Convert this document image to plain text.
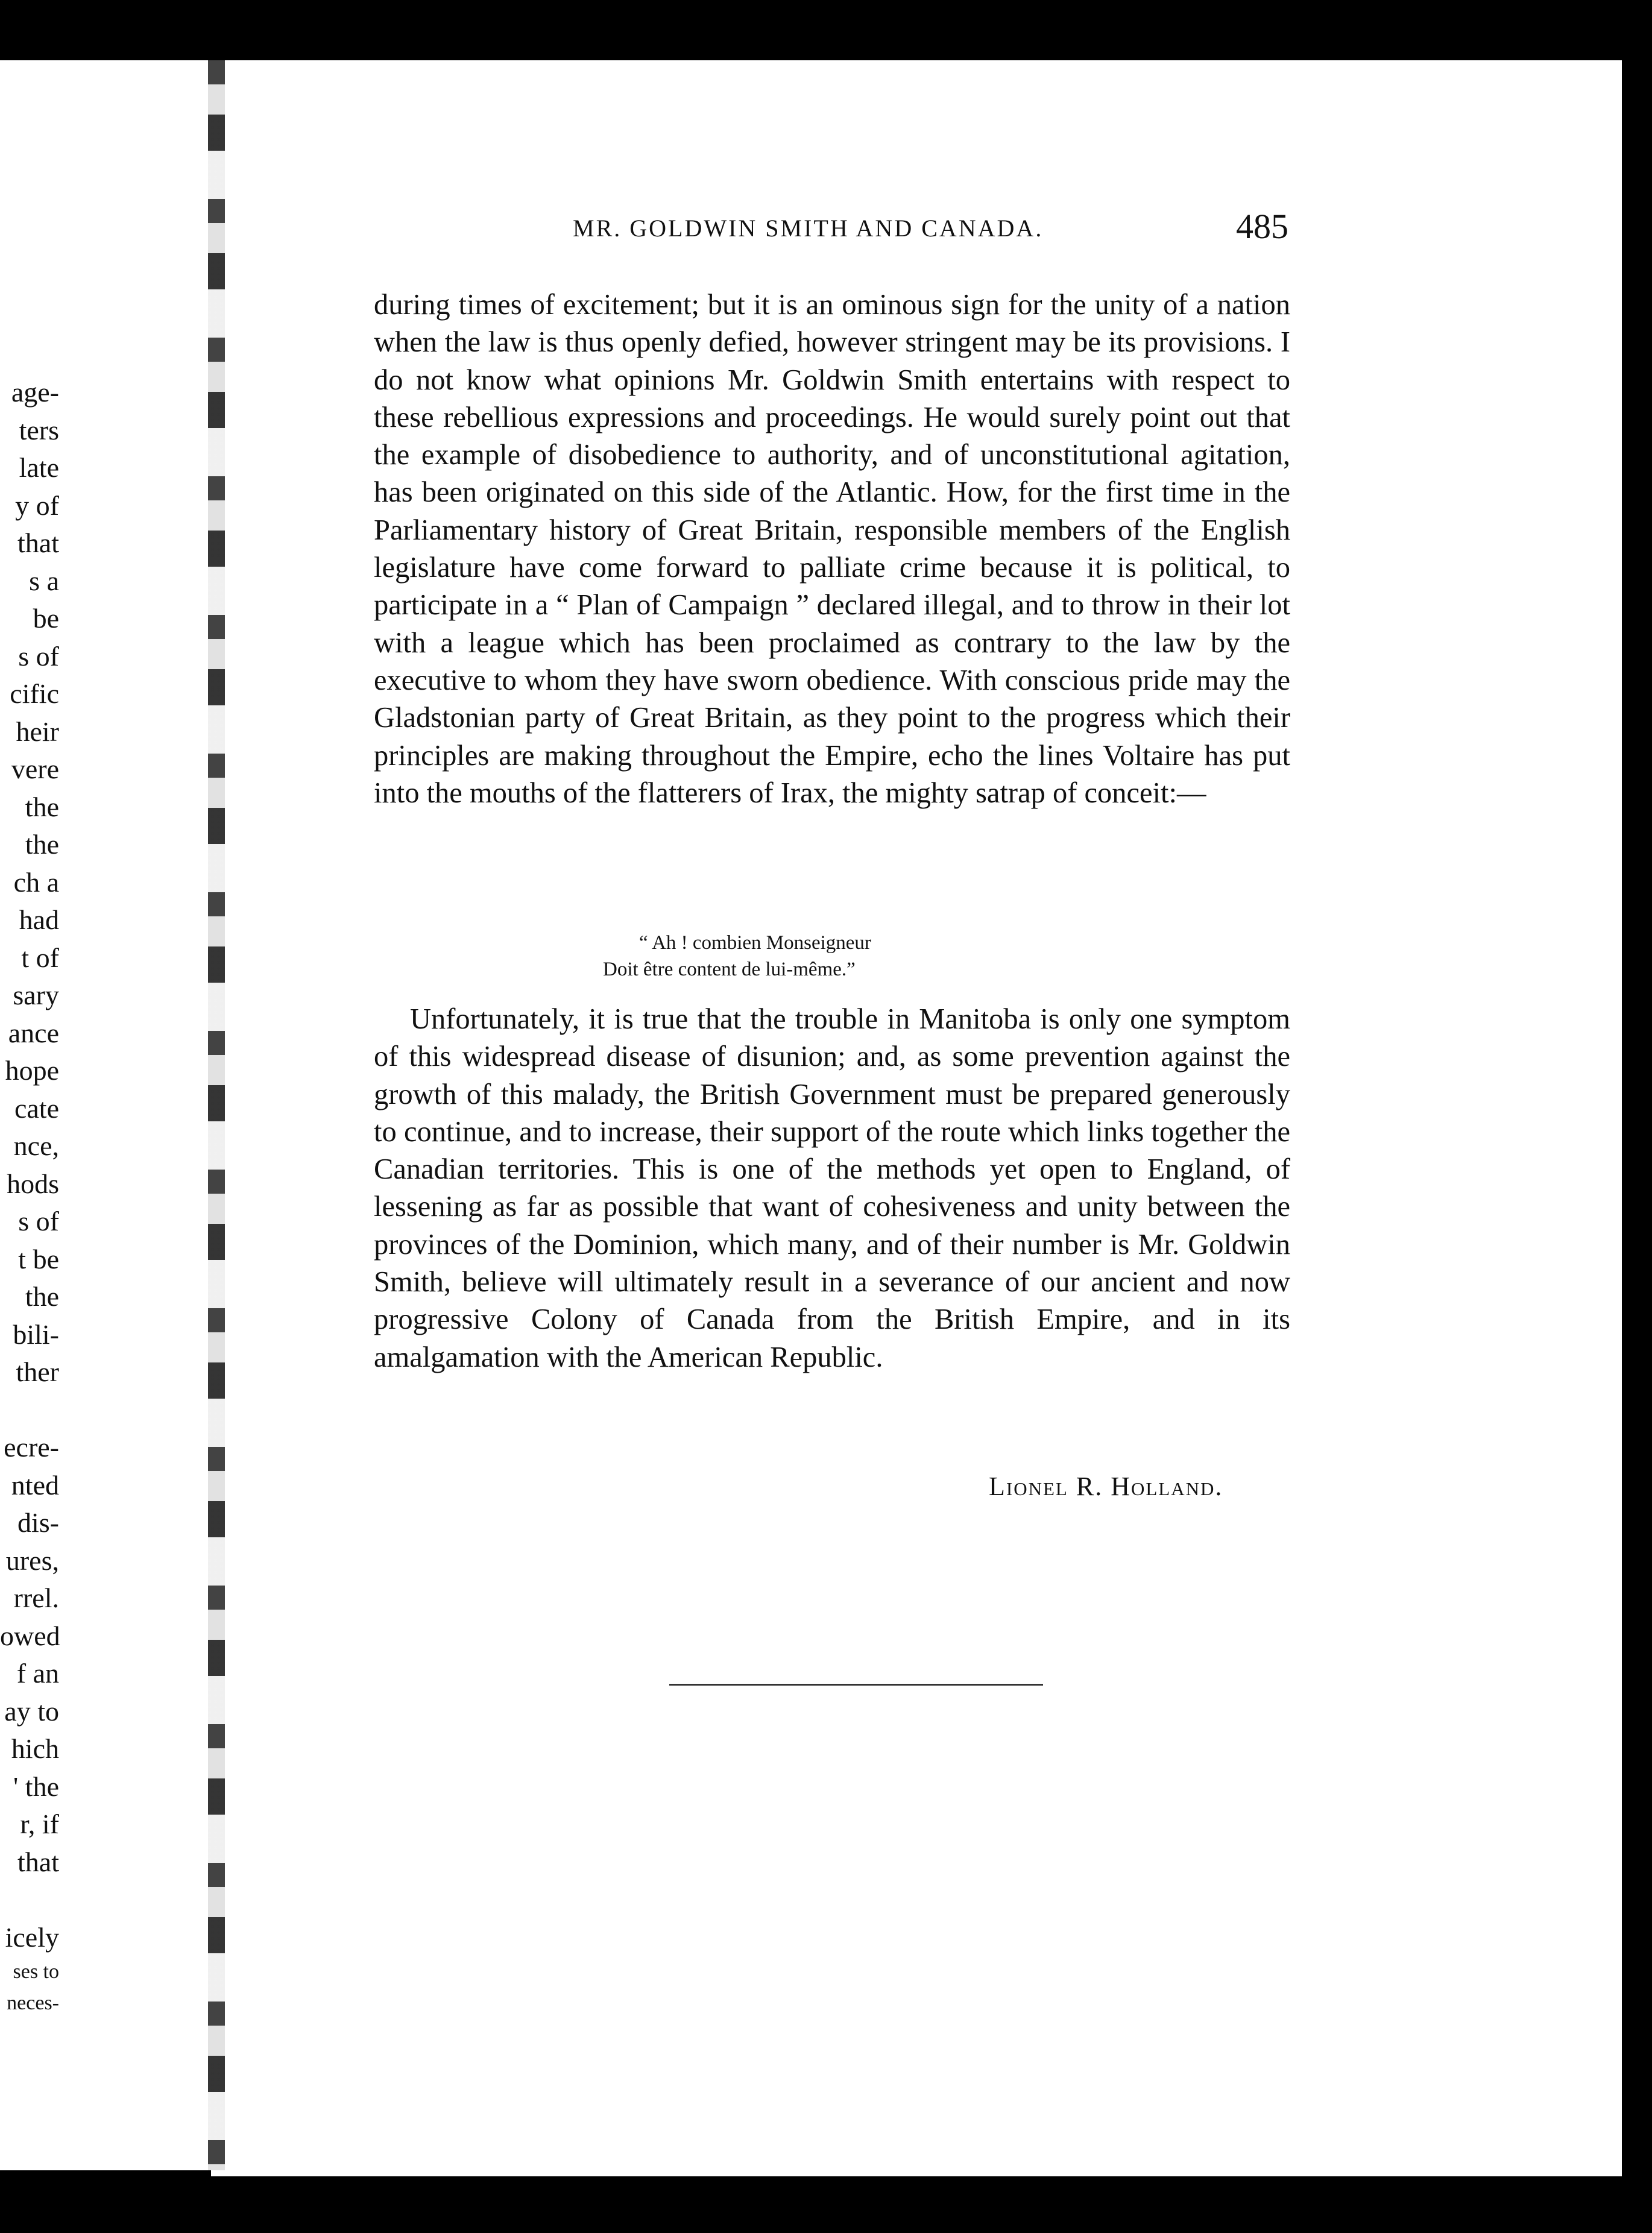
age-
ters
late
y of
that
s a
be
s of
cific
heir
vere
the
the
ch a
had
t of
sary
ance
hope
cate
nce,
hods
s of
t be
the
bili-
ther

ecre-
nted
dis-
ures,
rrel.
owed
f an
ay to
hich
' the
r, if
that

icely
ses to
neces-
MR. GOLDWIN SMITH AND CANADA.	485

during times of excitement; but it is an ominous sign for the unity of a nation when the law is thus openly defied, however stringent may be its provisions. I do not know what opinions Mr. Goldwin Smith entertains with respect to these rebellious expressions and proceedings. He would surely point out that the example of disobedience to authority, and of unconstitutional agitation, has been originated on this side of the Atlantic. How, for the first time in the Parliamentary history of Great Britain, responsible members of the English legislature have come forward to palliate crime because it is political, to participate in a “ Plan of Campaign ” declared illegal, and to throw in their lot with a league which has been proclaimed as contrary to the law by the executive to whom they have sworn obedience. With conscious pride may the Gladstonian party of Great Britain, as they point to the progress which their principles are making throughout the Empire, echo the lines Voltaire has put into the mouths of the flatterers of Irax, the mighty satrap of conceit:—

“ Ah ! combien Monseigneur
Doit être content de lui-même.”

Unfortunately, it is true that the trouble in Manitoba is only one symptom of this widespread disease of disunion; and, as some prevention against the growth of this malady, the British Government must be prepared generously to continue, and to increase, their support of the route which links together the Canadian territories. This is one of the methods yet open to England, of lessening as far as possible that want of cohesiveness and unity between the provinces of the Dominion, which many, and of their number is Mr. Goldwin Smith, believe will ultimately result in a severance of our ancient and now progressive Colony of Canada from the British Empire, and in its amalgamation with the American Republic.

Lionel R. Holland.
